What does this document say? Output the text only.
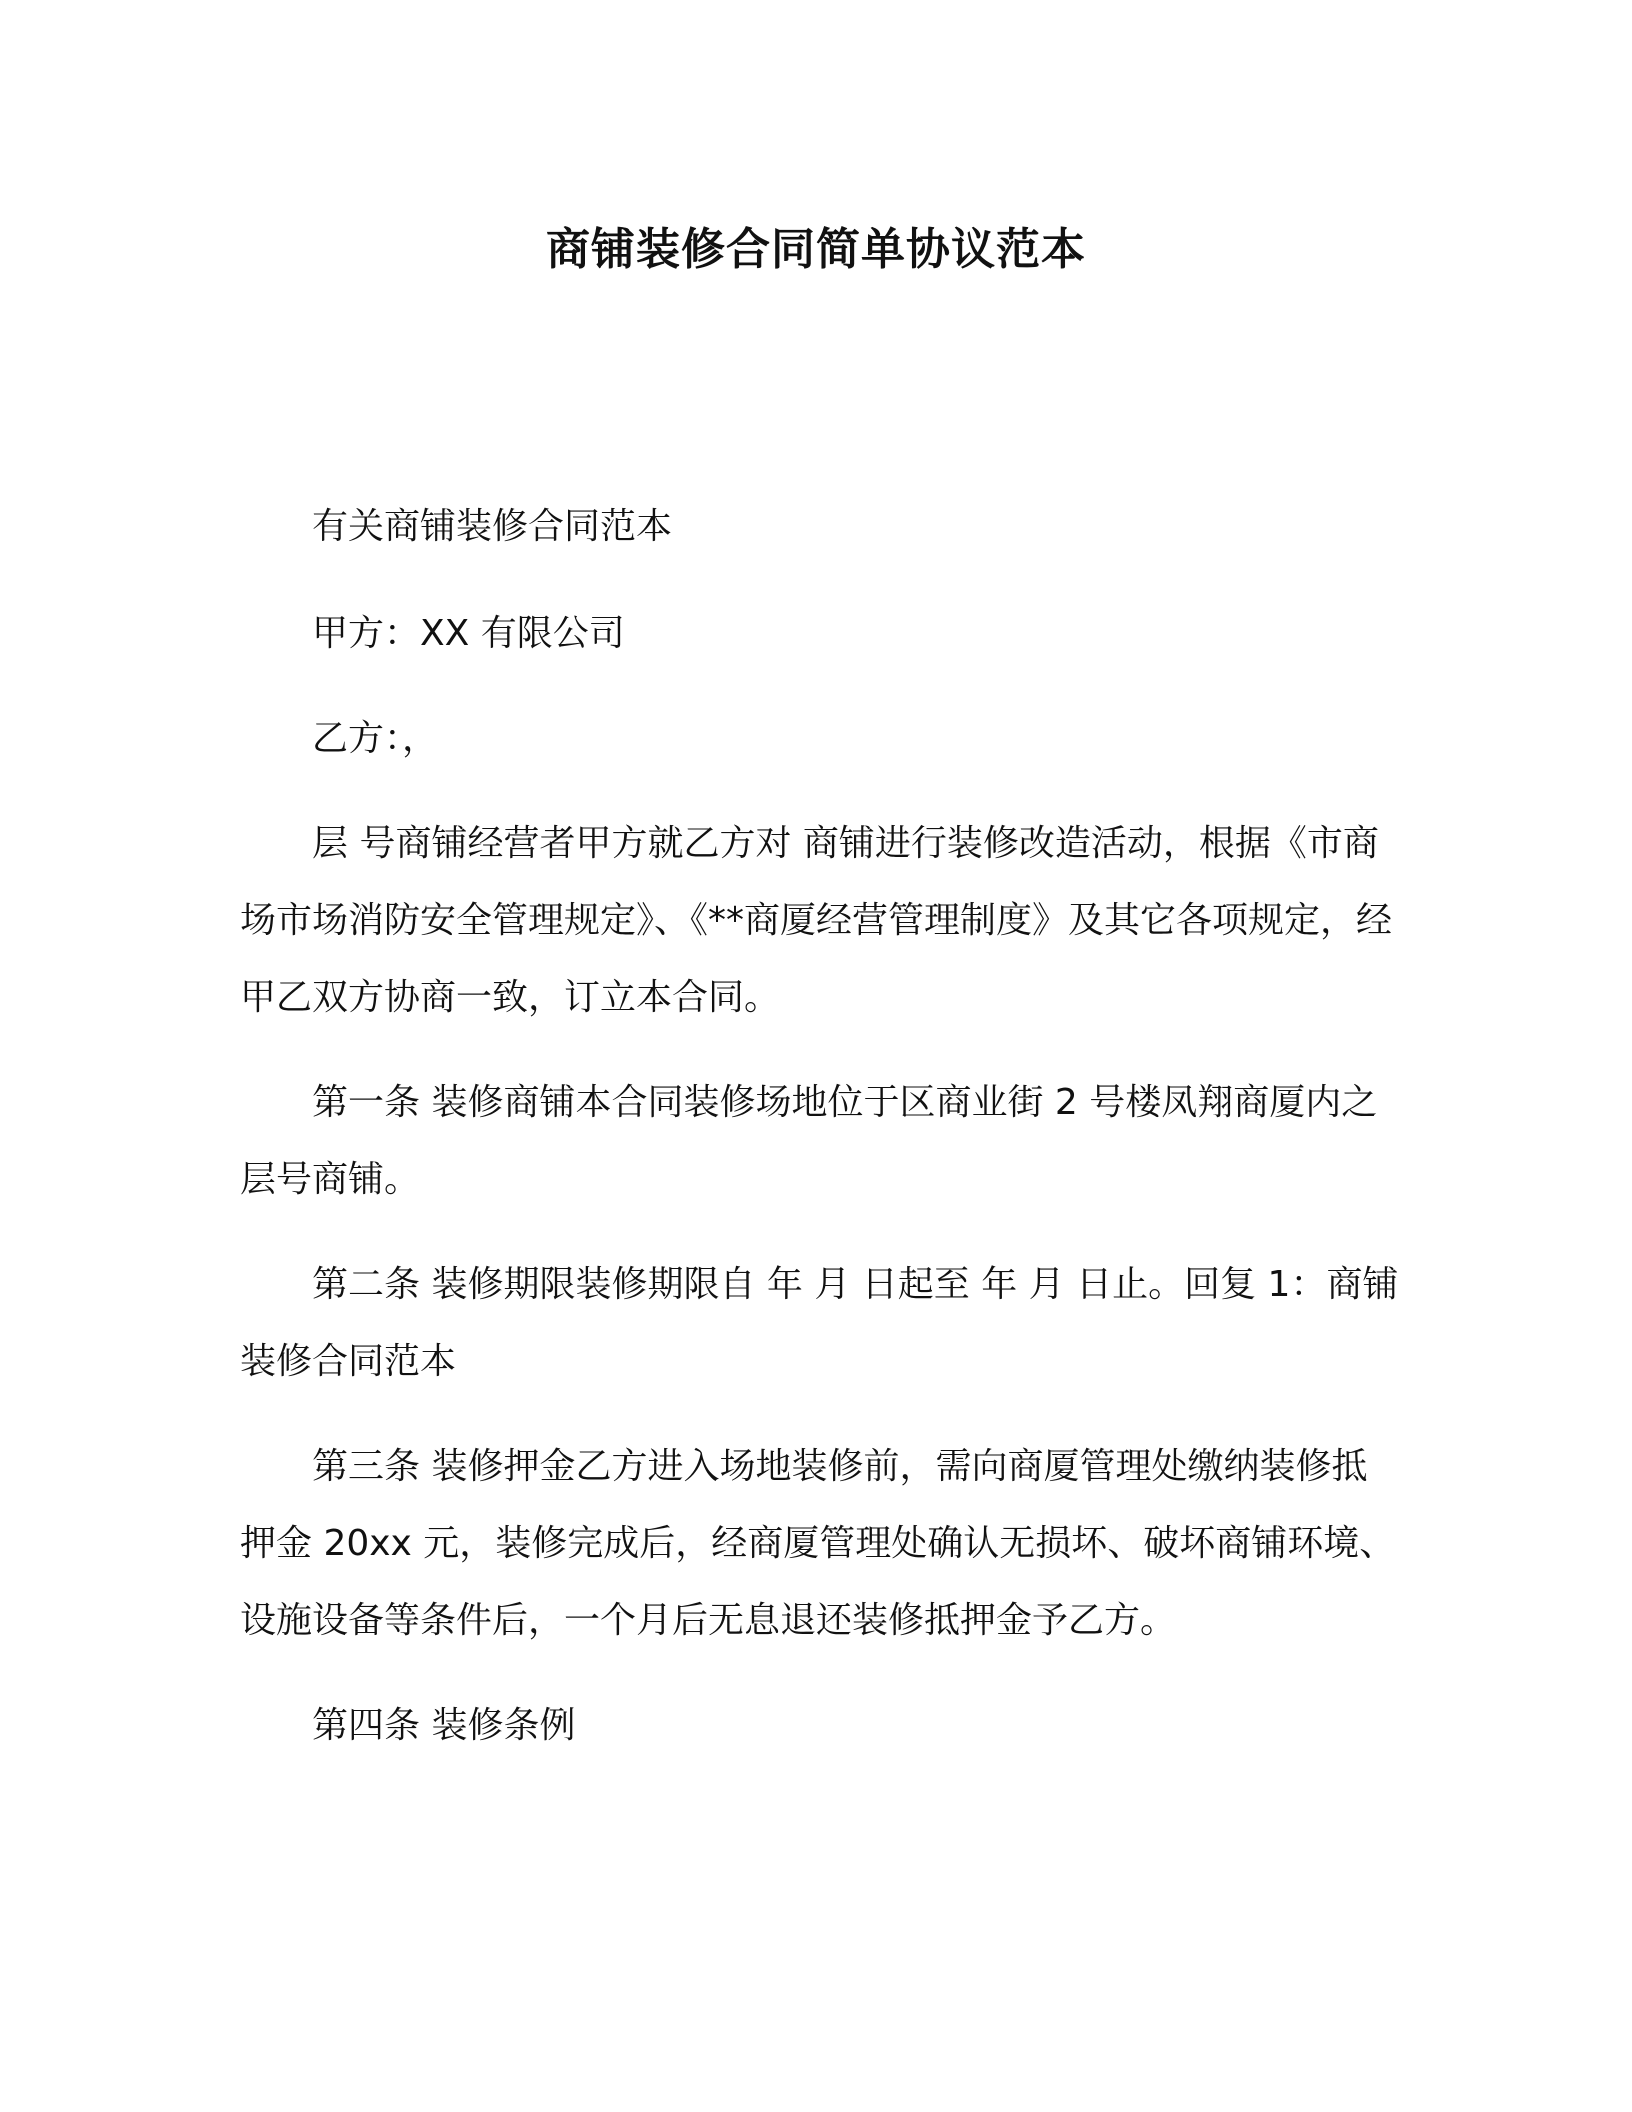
商铺装修合同简单协议范本

有关商铺装修合同范本

甲方：XX 有限公司

乙方：，

层 号商铺经营者甲方就乙方对 商铺进行装修改造活动，根据《市商场市场消防安全管理规定》、《**商厦经营管理制度》及其它各项规定，经甲乙双方协商一致，订立本合同。

第一条 装修商铺本合同装修场地位于区商业街 2 号楼凤翔商厦内之 层号商铺。

第二条 装修期限装修期限自 年 月 日起至 年 月 日止。回复 1：商铺装修合同范本

第三条 装修押金乙方进入场地装修前，需向商厦管理处缴纳装修抵押金 20xx 元，装修完成后，经商厦管理处确认无损坏、破坏商铺环境、设施设备等条件后，一个月后无息退还装修抵押金予乙方。

第四条 装修条例
